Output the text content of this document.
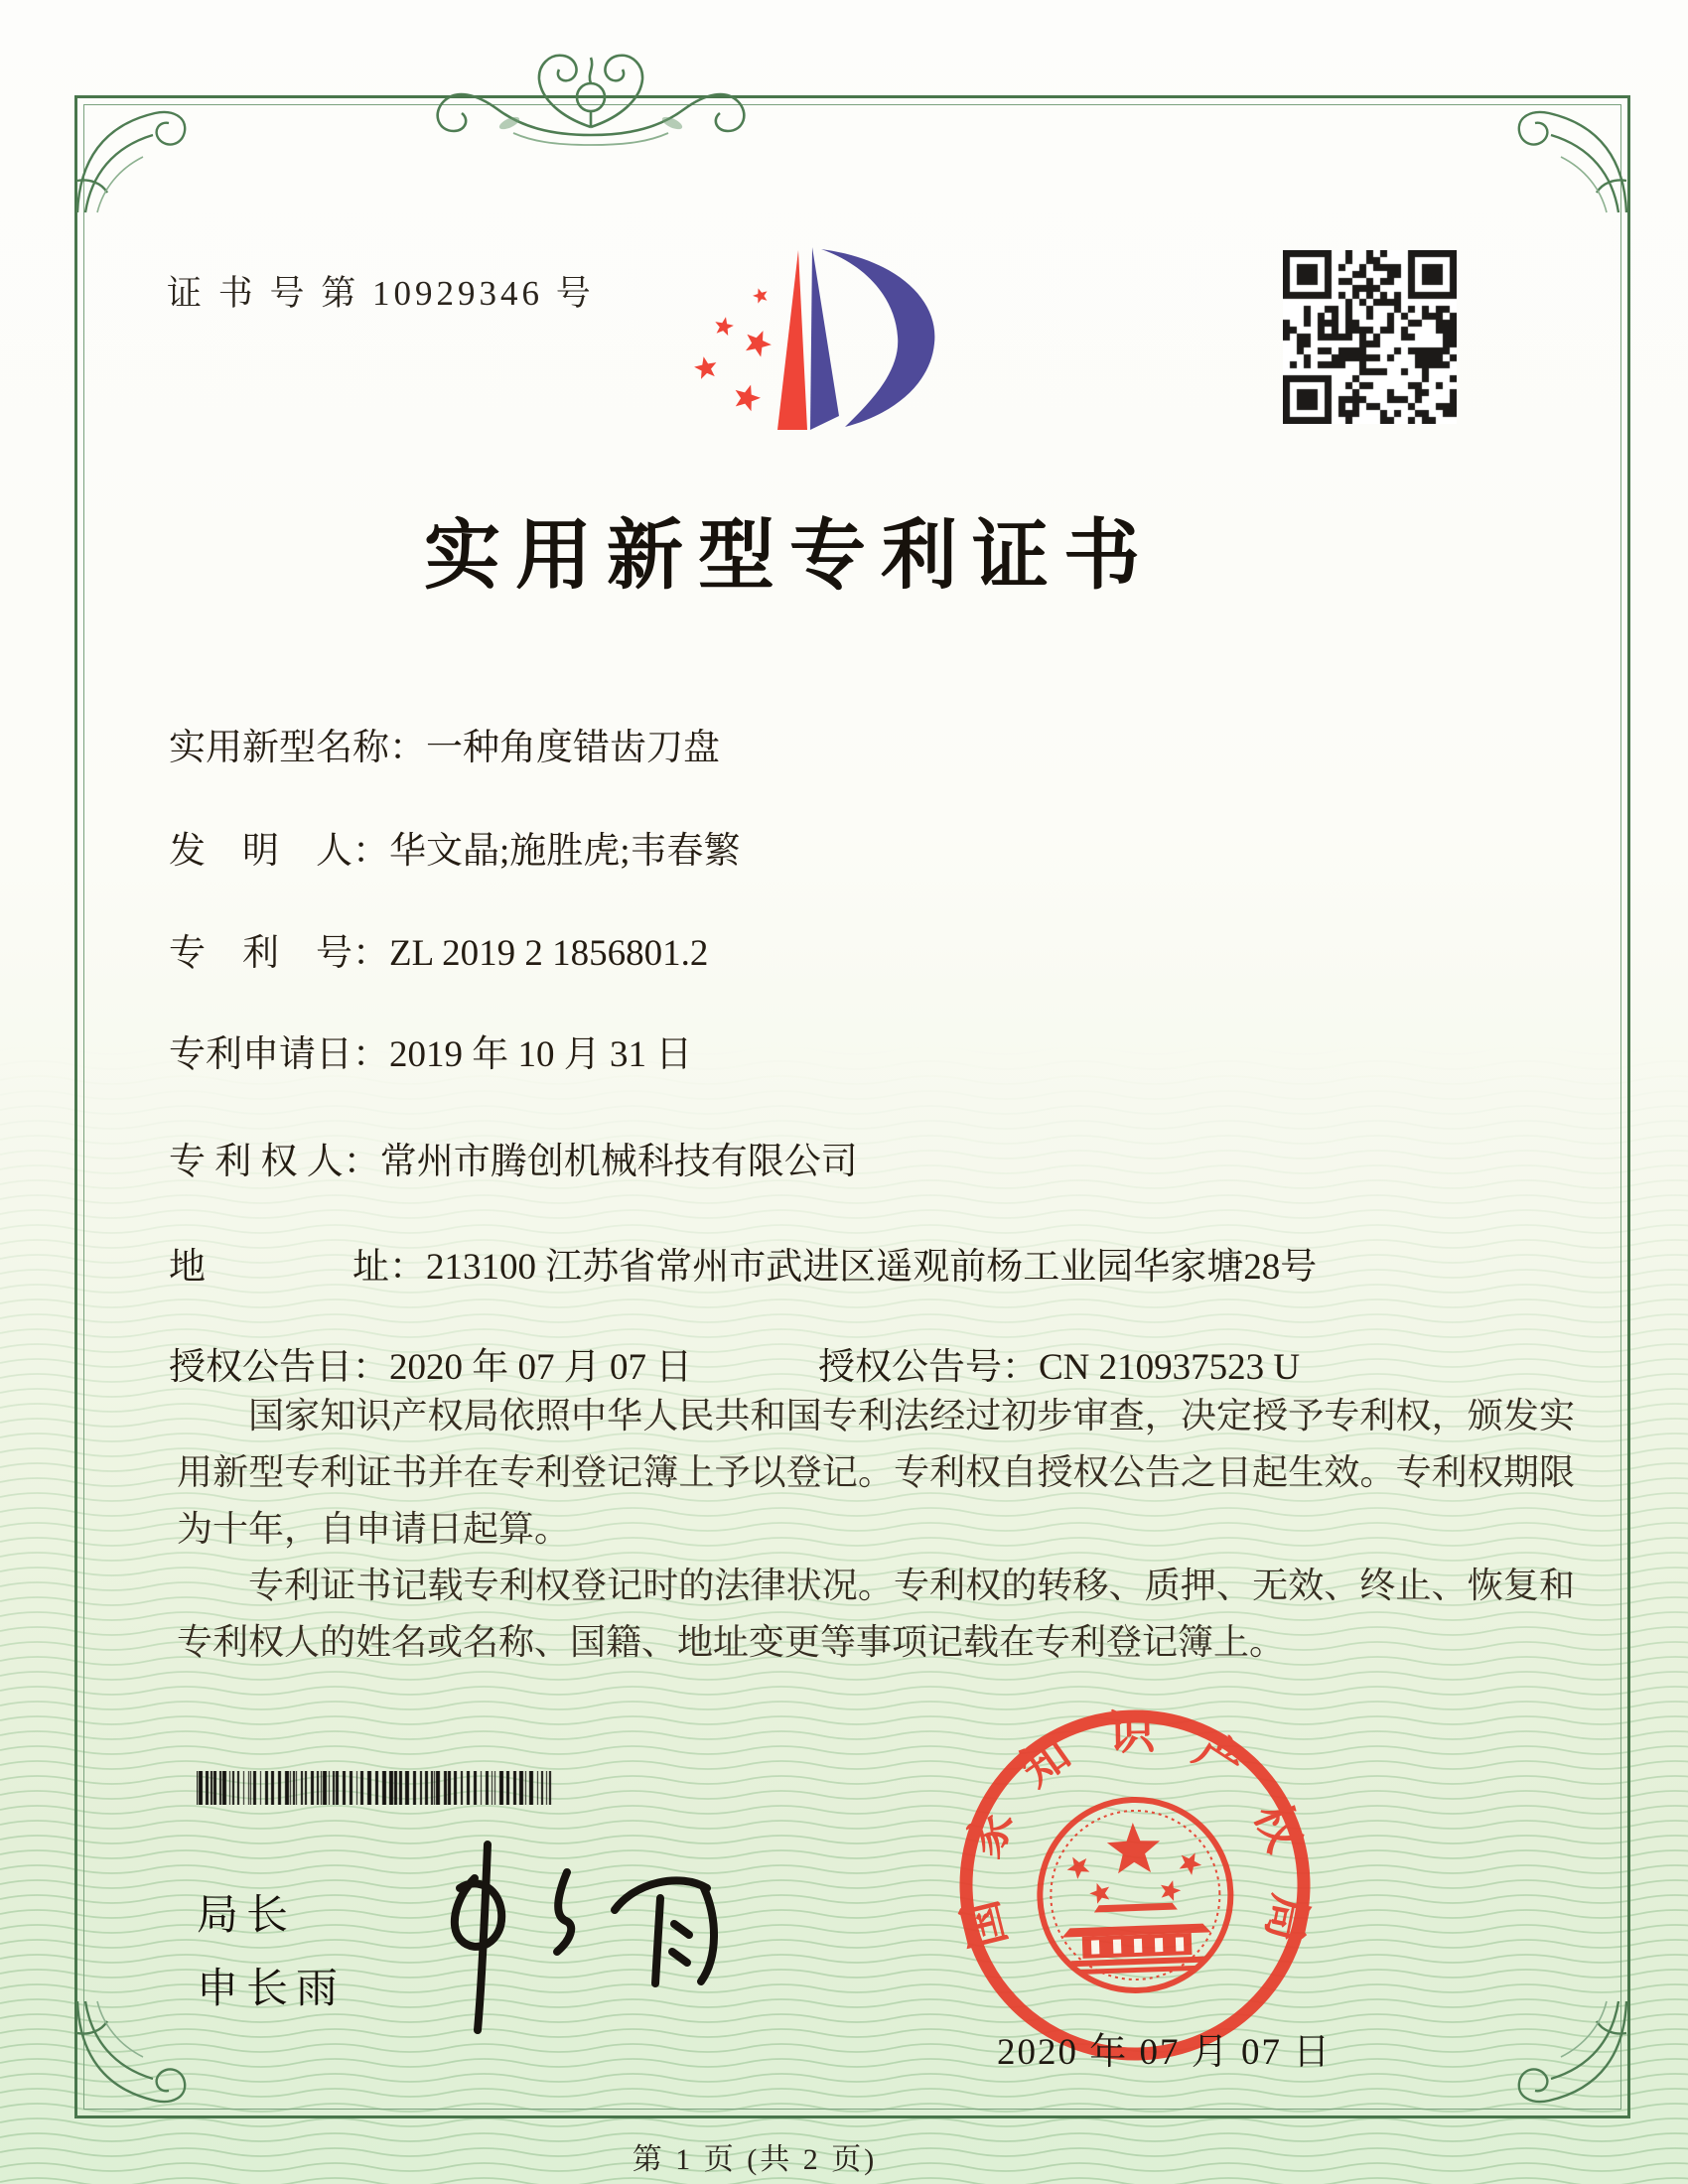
证 书 号 第 10929346 号
实用新型专利证书
实用新型名称：一种角度错齿刀盘
发　明　人：华文晶;施胜虎;韦春繁
专　利　号：ZL 2019 2 1856801.2
专利申请日：2019 年 10 月 31 日
专 利 权 人：常州市腾创机械科技有限公司
地　　　　址：213100 江苏省常州市武进区遥观前杨工业园华家塘28号
授权公告日：2020 年 07 月 07 日	授权公告号：CN 210937523 U

国家知识产权局依照中华人民共和国专利法经过初步审查，决定授予专利权，颁发实用新型专利证书并在专利登记簿上予以登记。专利权自授权公告之日起生效。专利权期限为十年，自申请日起算。

专利证书记载专利权登记时的法律状况。专利权的转移、质押、无效、终止、恢复和专利权人的姓名或名称、国籍、地址变更等事项记载在专利登记簿上。

局长
申长雨
国家知识产权局
2020 年 07 月 07 日
第 1 页 (共 2 页)
